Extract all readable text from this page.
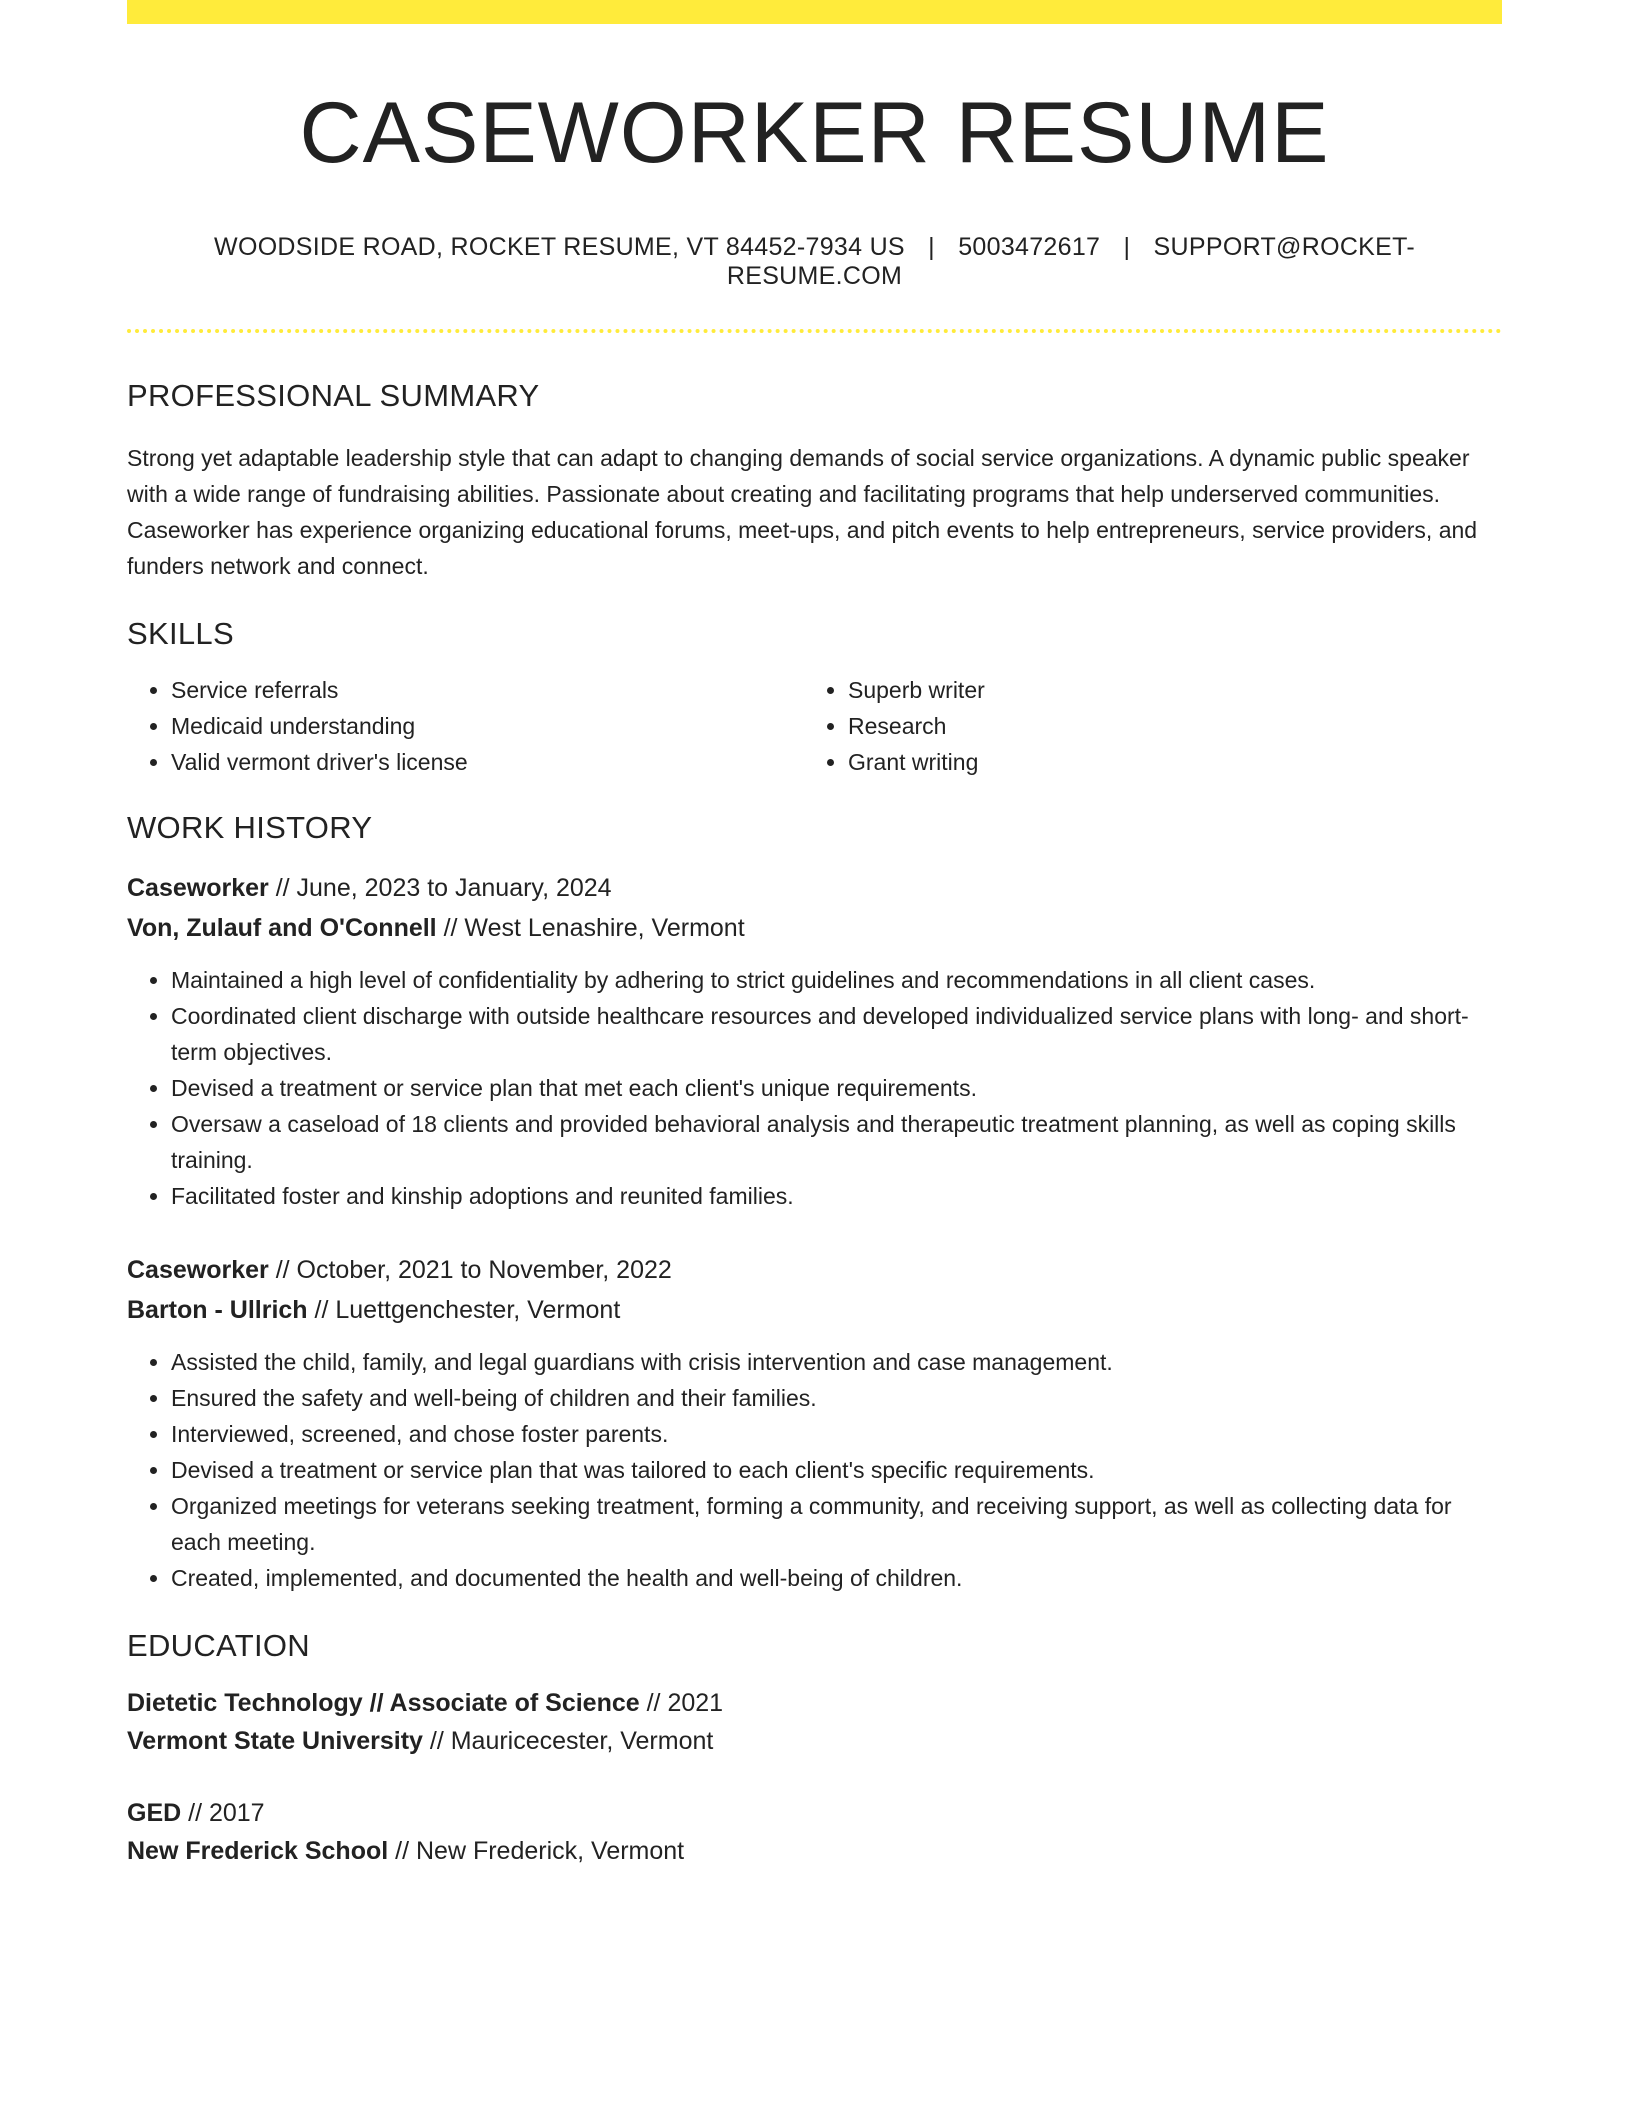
CASEWORKER RESUME
WOODSIDE ROAD, ROCKET RESUME, VT 84452-7934 US | 5003472617 | SUPPORT@ROCKET-RESUME.COM
PROFESSIONAL SUMMARY
Strong yet adaptable leadership style that can adapt to changing demands of social service organizations. A dynamic public speaker with a wide range of fundraising abilities. Passionate about creating and facilitating programs that help underserved communities. Caseworker has experience organizing educational forums, meet-ups, and pitch events to help entrepreneurs, service providers, and funders network and connect.
SKILLS
• Service referrals
• Medicaid understanding
• Valid vermont driver's license
• Superb writer
• Research
• Grant writing
WORK HISTORY
Caseworker // June, 2023 to January, 2024
Von, Zulauf and O'Connell // West Lenashire, Vermont
• Maintained a high level of confidentiality by adhering to strict guidelines and recommendations in all client cases.
• Coordinated client discharge with outside healthcare resources and developed individualized service plans with long- and short-term objectives.
• Devised a treatment or service plan that met each client's unique requirements.
• Oversaw a caseload of 18 clients and provided behavioral analysis and therapeutic treatment planning, as well as coping skills training.
• Facilitated foster and kinship adoptions and reunited families.
Caseworker // October, 2021 to November, 2022
Barton - Ullrich // Luettgenchester, Vermont
• Assisted the child, family, and legal guardians with crisis intervention and case management.
• Ensured the safety and well-being of children and their families.
• Interviewed, screened, and chose foster parents.
• Devised a treatment or service plan that was tailored to each client's specific requirements.
• Organized meetings for veterans seeking treatment, forming a community, and receiving support, as well as collecting data for each meeting.
• Created, implemented, and documented the health and well-being of children.
EDUCATION
Dietetic Technology // Associate of Science // 2021
Vermont State University // Mauricecester, Vermont
GED // 2017
New Frederick School // New Frederick, Vermont
